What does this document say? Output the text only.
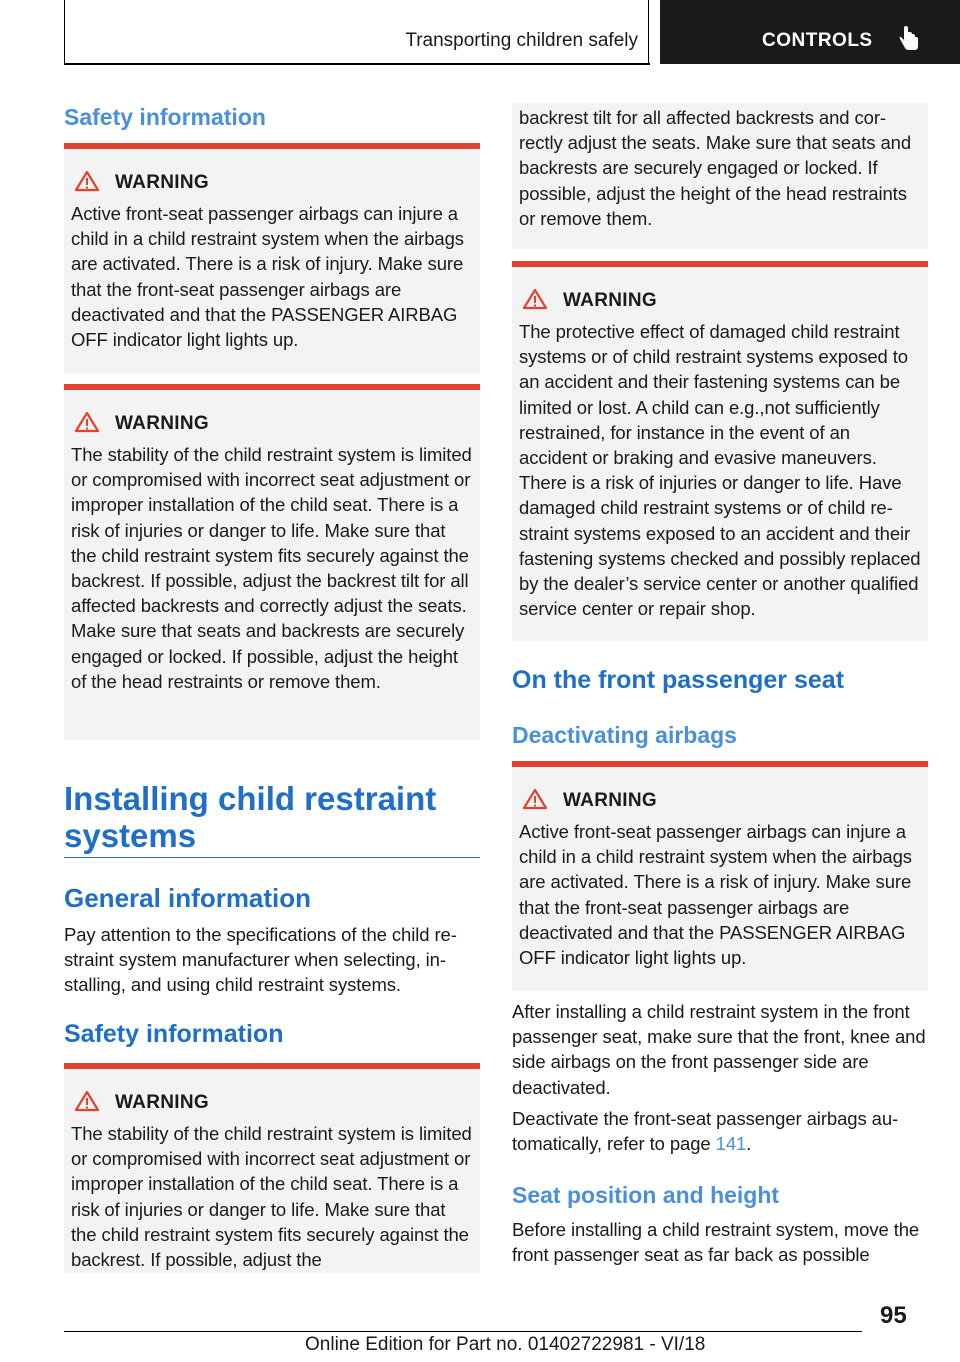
Transporting children safely	CONTROLS
Safety information
WARNING

Active front-seat passenger airbags can injure a child in a child restraint system when the airbags are activated. There is a risk of injury. Make sure that the front-seat passenger airbags are deactivated and that the PASSENGER AIRBAG OFF indicator light lights up.

WARNING

The stability of the child restraint system is limited or compromised with incorrect seat adjustment or improper installation of the child seat. There is a risk of injuries or danger to life. Make sure that the child restraint system fits securely against the backrest. If possible, adjust the backrest tilt for all affected backrests and correctly adjust the seats. Make sure that seats and backrests are securely engaged or locked. If possible, adjust the height of the head restraints or remove them.

Installing child restraint systems
General information

Pay attention to the specifications of the child restraint system manufacturer when selecting, installing, and using child restraint systems.

Safety information
WARNING

The stability of the child restraint system is limited or compromised with incorrect seat adjustment or improper installation of the child seat. There is a risk of injuries or danger to life. Make sure that the child restraint system fits securely against the backrest. If possible, adjust the

backrest tilt for all affected backrests and correctly adjust the seats. Make sure that seats and backrests are securely engaged or locked. If possible, adjust the height of the head restraints or remove them.

WARNING

The protective effect of damaged child restraint systems or of child restraint systems exposed to an accident and their fastening systems can be limited or lost. A child can e.g.,not sufficiently restrained, for instance in the event of an accident or braking and evasive maneuvers. There is a risk of injuries or danger to life. Have damaged child restraint systems or of child restraint systems exposed to an accident and their fastening systems checked and possibly replaced by the dealer’s service center or another qualified service center or repair shop.

On the front passenger seat
Deactivating airbags
WARNING

Active front-seat passenger airbags can injure a child in a child restraint system when the airbags are activated. There is a risk of injury. Make sure that the front-seat passenger airbags are deactivated and that the PASSENGER AIRBAG OFF indicator light lights up.

After installing a child restraint system in the front passenger seat, make sure that the front, knee and side airbags on the front passenger side are deactivated.

Deactivate the front-seat passenger airbags automatically, refer to page 141.

Seat position and height

Before installing a child restraint system, move the front passenger seat as far back as possible

95
Online Edition for Part no. 01402722981 - VI/18
